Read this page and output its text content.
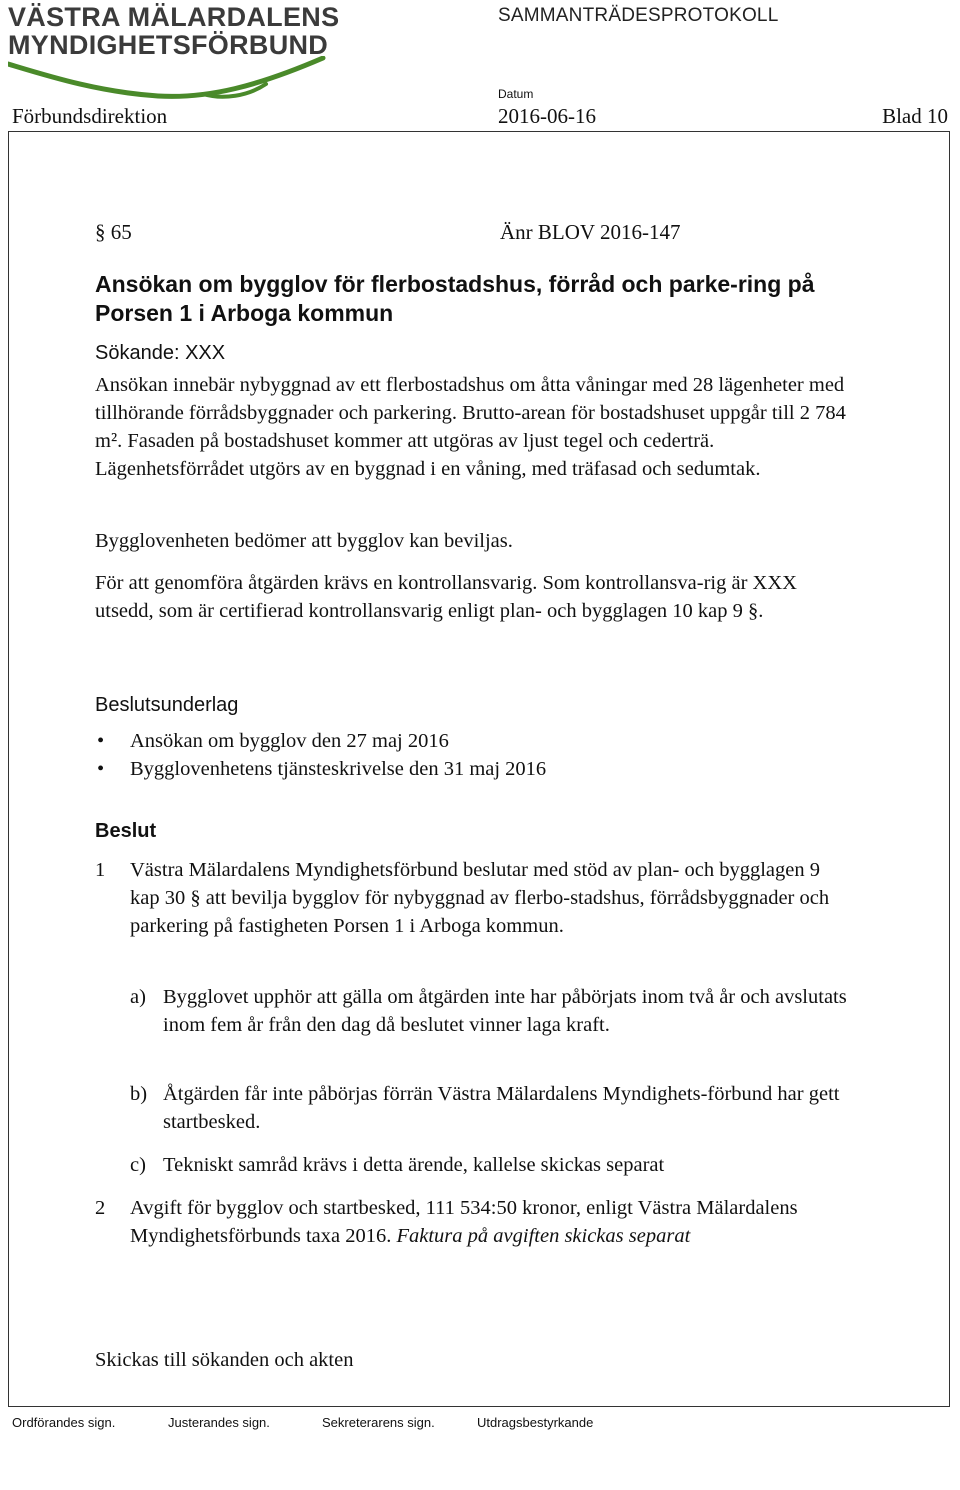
VÄSTRA MÄLARDALENS
MYNDIGHETSFÖRBUND
SAMMANTRÄDESPROTOKOLL
Datum
Förbundsdirektion	2016-06-16	Blad 10
§ 65	Änr BLOV 2016-147
Ansökan om bygglov för flerbostadshus, förråd och parke-ring på Porsen 1 i Arboga kommun
Sökande: XXX
Ansökan innebär nybyggnad av ett flerbostadshus om åtta våningar med 28 lägenheter med tillhörande förrådsbyggnader och parkering. Brutto-arean för bostadshuset uppgår till 2 784 m². Fasaden på bostadshuset kommer att utgöras av ljust tegel och cederträ. Lägenhetsförrådet utgörs av en byggnad i en våning, med träfasad och sedumtak.
Bygglovenheten bedömer att bygglov kan beviljas.
För att genomföra åtgärden krävs en kontrollansvarig. Som kontrollansva-rig är XXX utsedd, som är certifierad kontrollansvarig enligt plan- och bygglagen 10 kap 9 §.
Beslutsunderlag
• Ansökan om bygglov den 27 maj 2016
• Bygglovenhetens tjänsteskrivelse den 31 maj 2016
Beslut
1 Västra Mälardalens Myndighetsförbund beslutar med stöd av plan- och bygglagen 9 kap 30 § att bevilja bygglov för nybyggnad av flerbo-stadshus, förrådsbyggnader och parkering på fastigheten Porsen 1 i Arboga kommun.
a) Bygglovet upphör att gälla om åtgärden inte har påbörjats inom två år och avslutats inom fem år från den dag då beslutet vinner laga kraft.
b) Åtgärden får inte påbörjas förrän Västra Mälardalens Myndighets-förbund har gett startbesked.
c) Tekniskt samråd krävs i detta ärende, kallelse skickas separat
2 Avgift för bygglov och startbesked, 111 534:50 kronor, enligt Västra Mälardalens Myndighetsförbunds taxa 2016. Faktura på avgiften skickas separat
Skickas till sökanden och akten
Ordförandes sign.	Justerandes sign.	Sekreterarens sign.	Utdragsbestyrkande
